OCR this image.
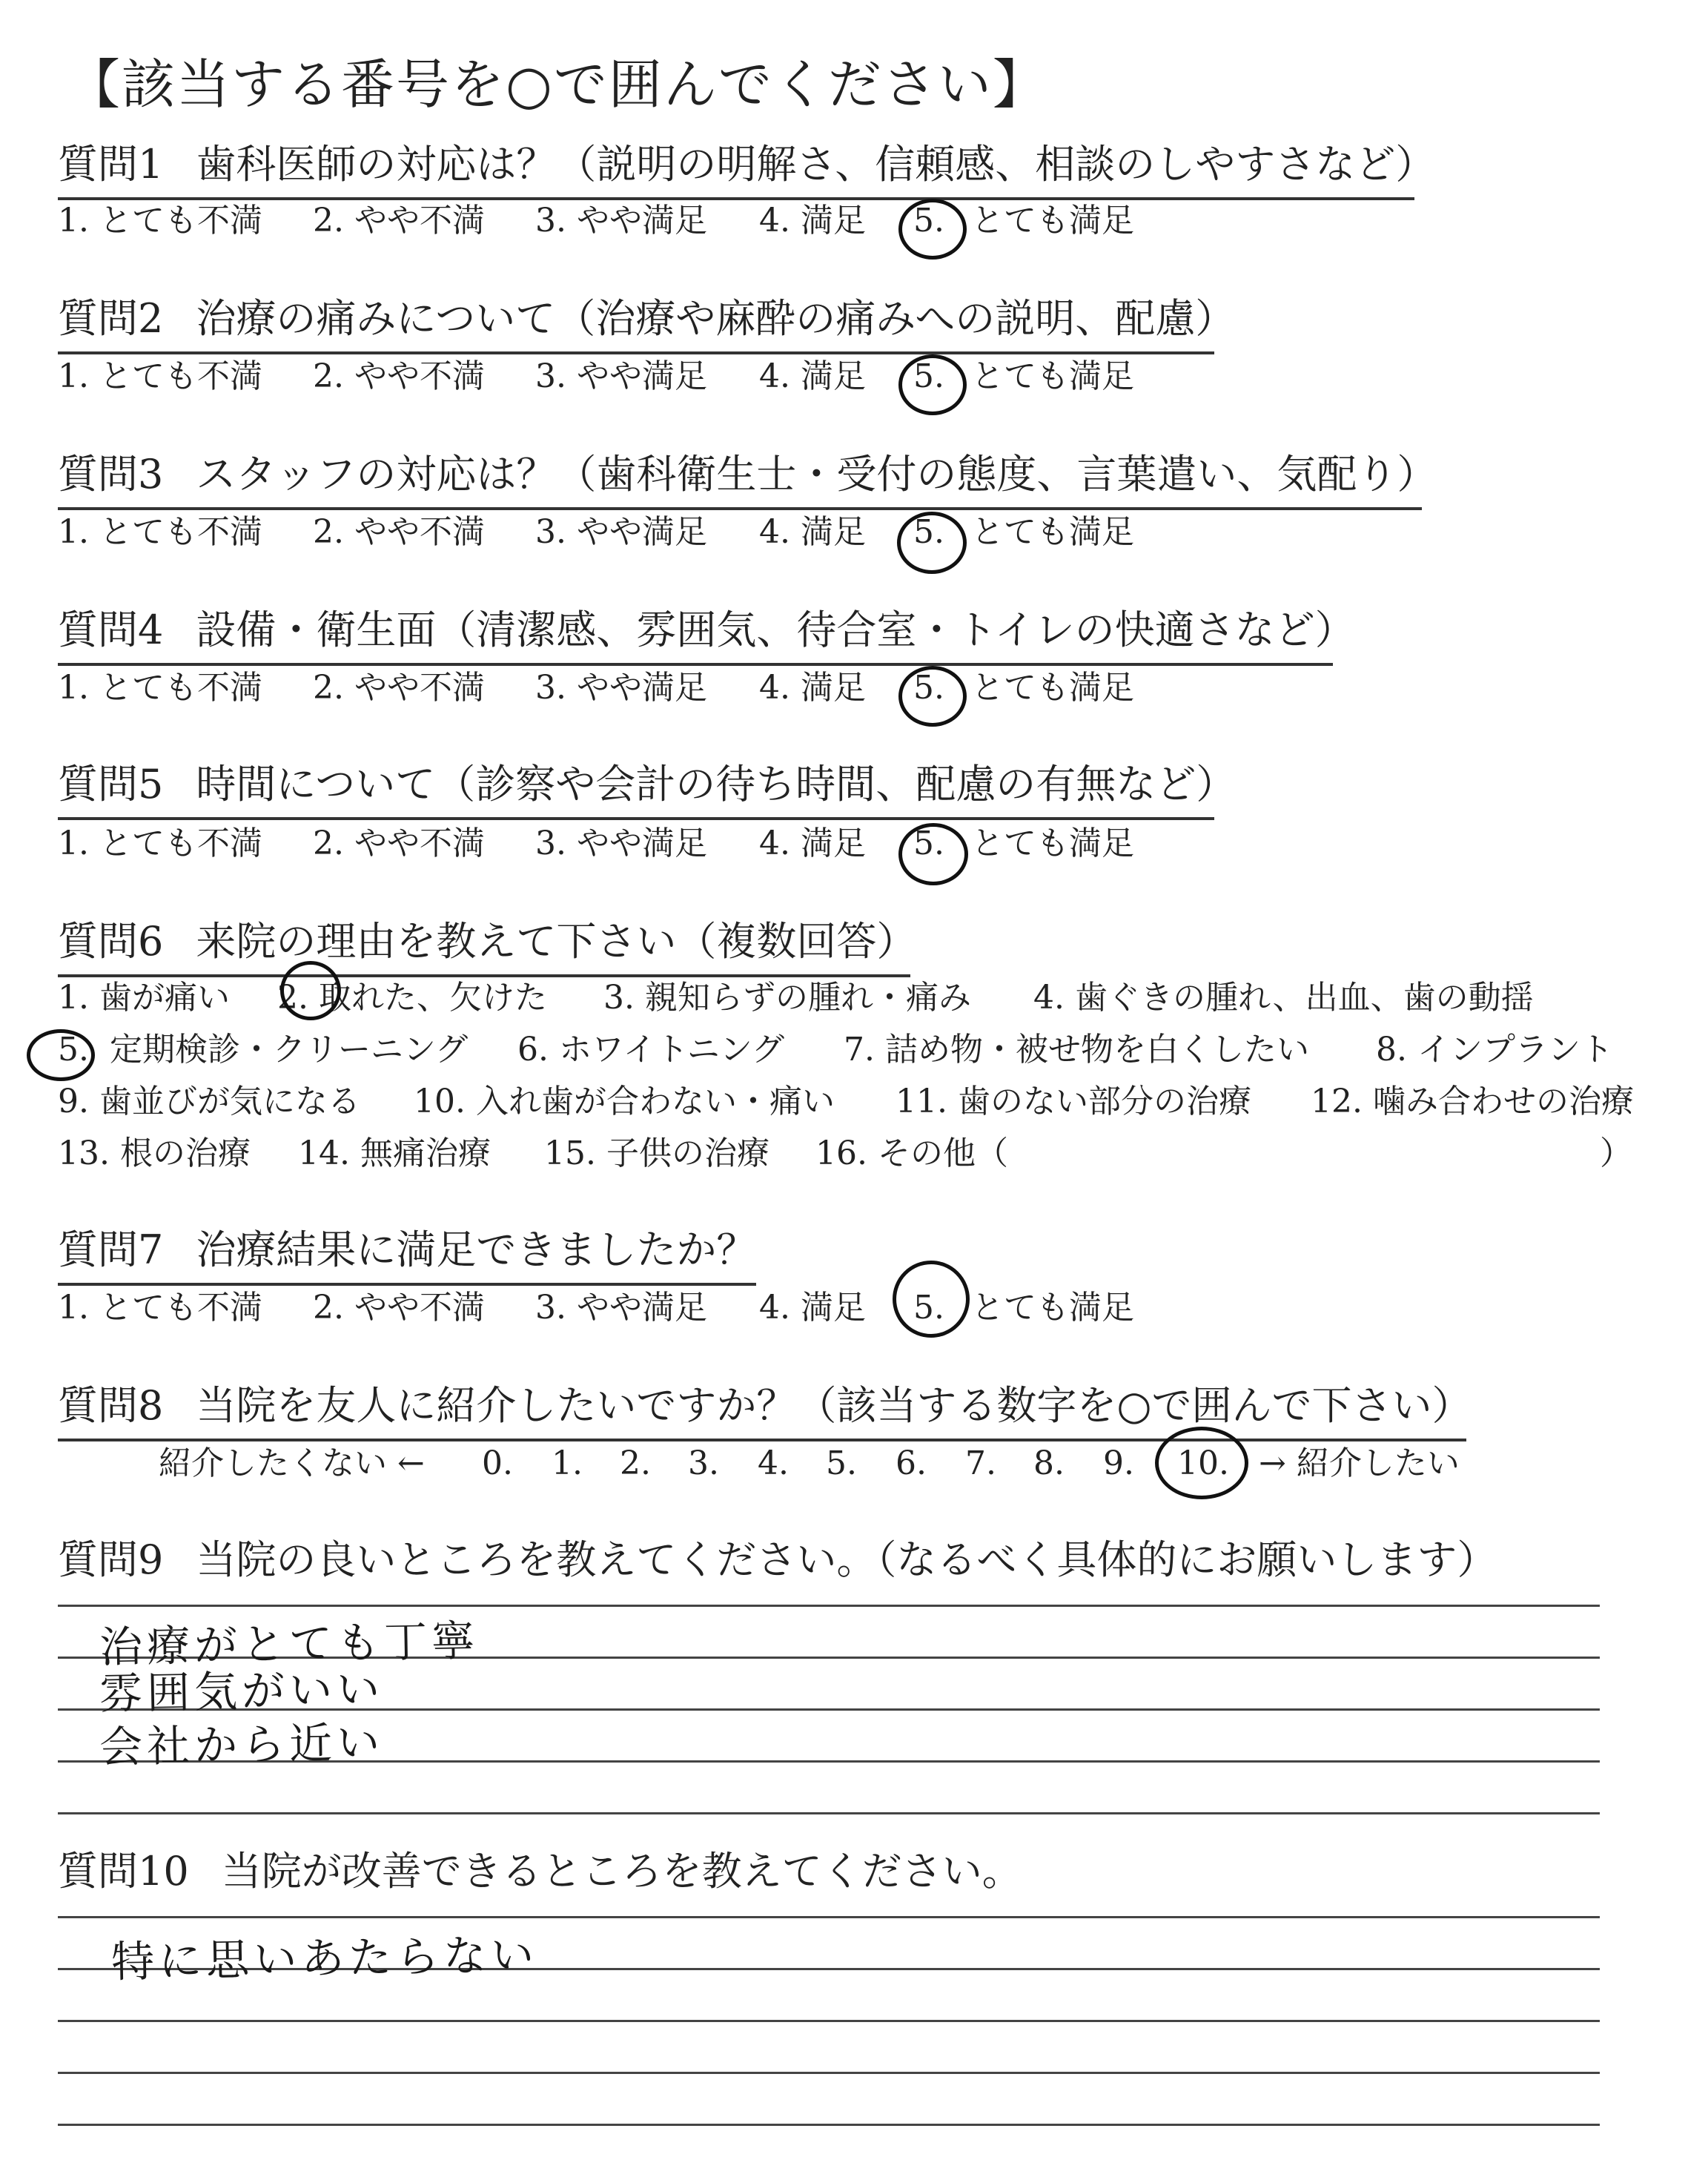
【該当する番号を○で囲んでください】
質問1 歯科医師の対応は？（説明の明解さ、信頼感、相談のしやすさなど）
1. とても不満 2. やや不満 3. やや満足 4. 満足 5. とても満足
質問2 治療の痛みについて（治療や麻酔の痛みへの説明、配慮）
1. とても不満 2. やや不満 3. やや満足 4. 満足 5. とても満足
質問3 スタッフの対応は？（歯科衛生士・受付の態度、言葉遣い、気配り）
1. とても不満 2. やや不満 3. やや満足 4. 満足 5. とても満足
質問4 設備・衛生面（清潔感、雰囲気、待合室・トイレの快適さなど）
1. とても不満 2. やや不満 3. やや満足 4. 満足 5. とても満足
質問5 時間について（診察や会計の待ち時間、配慮の有無など）
1. とても不満 2. やや不満 3. やや満足 4. 満足 5. とても満足
質問6 来院の理由を教えて下さい（複数回答）
1. 歯が痛い 2. 取れた、欠けた 3. 親知らずの腫れ・痛み 4. 歯ぐきの腫れ、出血、歯の動揺
5. 定期検診・クリーニング 6. ホワイトニング 7. 詰め物・被せ物を白くしたい 8. インプラント
9. 歯並びが気になる 10. 入れ歯が合わない・痛い 11. 歯のない部分の治療 12. 噛み合わせの治療
13. 根の治療 14. 無痛治療 15. 子供の治療 16. その他（	）
質問7 治療結果に満足できましたか？
1. とても不満 2. やや不満 3. やや満足 4. 満足 5. とても満足
質問8 当院を友人に紹介したいですか？（該当する数字を○で囲んで下さい）
紹介したくない ← 0. 1. 2. 3. 4. 5. 6. 7. 8. 9. 10. → 紹介したい
質問9 当院の良いところを教えてください。（なるべく具体的にお願いします）
治療がとても丁寧
雰囲気がいい
会社から近い
質問10 当院が改善できるところを教えてください。
特に思いあたらない
